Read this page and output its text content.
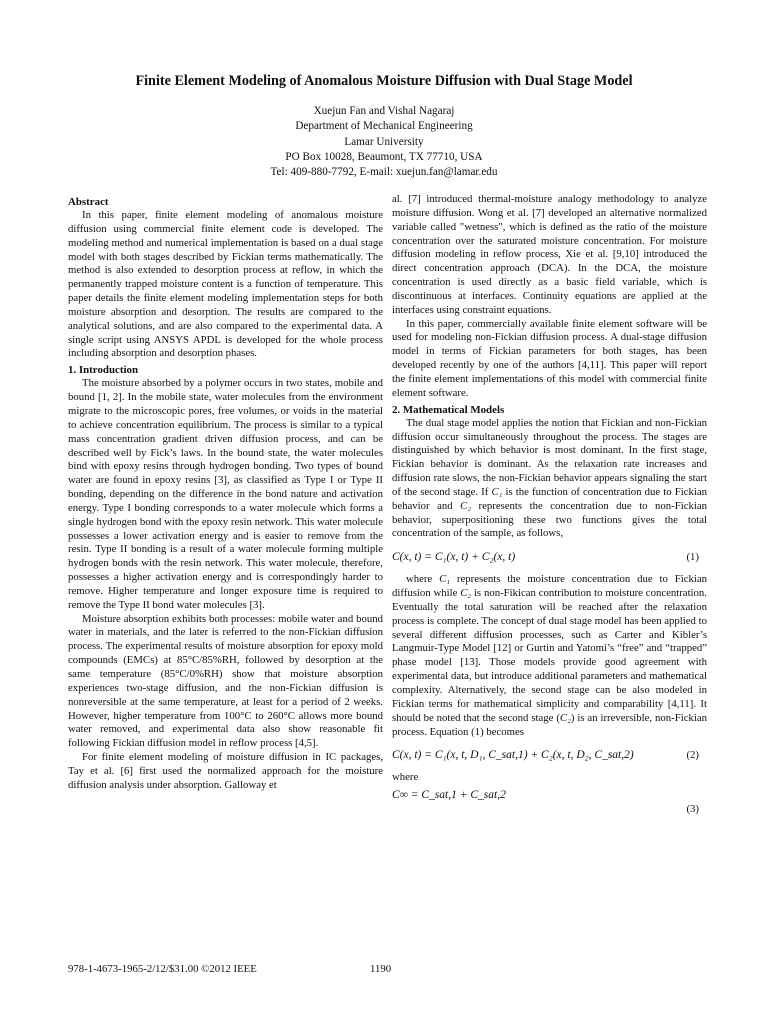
Finite Element Modeling of Anomalous Moisture Diffusion with Dual Stage Model
Xuejun Fan and Vishal Nagaraj
Department of Mechanical Engineering
Lamar University
PO Box 10028, Beaumont, TX 77710, USA
Tel: 409-880-7792, E-mail: xuejun.fan@lamar.edu
Abstract

In this paper, finite element modeling of anomalous moisture diffusion using commercial finite element code is developed. The modeling method and numerical implementation is based on a dual stage model with both stages described by Fickian terms mathematically. The method is also extended to desorption process at reflow, in which the permanently trapped moisture content is a function of temperature. This paper details the finite element modeling implementation steps for both moisture absorption and desorption. The results are compared to the analytical solutions, and are also compared to the experimental data. A single script using ANSYS APDL is developed for the whole process including absorption and desorption phases.

1. Introduction

The moisture absorbed by a polymer occurs in two states, mobile and bound [1, 2]. In the mobile state, water molecules from the environment migrate to the microscopic pores, free volumes, or voids in the material to achieve concentration equilibrium. The process is similar to a typical mass concentration gradient driven diffusion process, and can be described well by Fick’s laws. In the bound state, the water molecules bind with epoxy resins through hydrogen bonding. Two types of bound water are found in epoxy resins [3], as classified as Type I or Type II bonding, depending on the difference in the bond nature and activation energy. Type I bonding corresponds to a water molecule which forms a single hydrogen bond with the epoxy resin network. This water molecule possesses a lower activation energy and is easier to remove from the resin. Type II bonding is a result of a water molecule forming multiple hydrogen bonds with the resin network. This water molecule, therefore, possesses a higher activation energy and is correspondingly harder to remove. Higher temperature and longer exposure time is required to remove the Type II bond water molecules [3].

Moisture absorption exhibits both processes: mobile water and bound water in materials, and the later is referred to the non-Fickian diffusion process. The experimental results of moisture absorption for epoxy mold compounds (EMCs) at 85°C/85%RH, followed by desorption at the same temperature (85°C/0%RH) show that moisture absorption experiences two-stage diffusion, and the non-Fickian diffusion is nonreversible at the same temperature, at least for a period of 2 weeks. However, higher temperature from 100°C to 260°C allows more bound water removed, and experimental data also show reasonable fit following Fickian diffusion model in reflow process [4,5].

For finite element modeling of moisture diffusion in IC packages, Tay et al. [6] first used the normalized approach for the moisture diffusion analysis under absorption. Galloway et

al. [7] introduced thermal-moisture analogy methodology to analyze moisture diffusion. Wong et al. [7] developed an alternative normalized variable called "wetness", which is defined as the ratio of the moisture concentration over the saturated moisture concentration. For moisture diffusion modeling in reflow process, Xie et al. [9,10] introduced the direct concentration approach (DCA). In the DCA, the moisture concentration is used directly as a basic field variable, which is discontinuous at interfaces. Continuity equations are applied at the interfaces using constraint equations.

In this paper, commercially available finite element software will be used for modeling non-Fickian diffusion process. A dual-stage diffusion model in terms of Fickian parameters for both stages, has been developed recently by one of the authors [4,11]. This paper will report the finite element implementations of this model with commercial finite element software.

2. Mathematical Models

The dual stage model applies the notion that Fickian and non-Fickian diffusion occur simultaneously throughout the process. The stages are distinguished by which behavior is most dominant. In the first stage, Fickian behavior is dominant. As the relaxation rate increases and diffusion rate slows, the non-Fickian behavior appears signaling the start of the second stage. If C₁ is the function of concentration due to Fickian behavior and C₂ represents the concentration due to non-Fickian behavior, superpositioning these two functions gives the total concentration of the sample, as follows,

C(x, t) = C₁(x, t) + C₂(x, t)	(1)

where C₁ represents the moisture concentration due to Fickian diffusion while C₂ is non-Fikican contribution to moisture concentration. Eventually the total saturation will be reached after the relaxation process is complete. The concept of dual stage model has been applied to several different diffusion processes, such as Carter and Kibler’s Langmuir-Type Model [12] or Gurtin and Yatomi’s “free” and “trapped” phase model [13]. Those models provide good agreement with experimental data, but introduce additional parameters and mathematical complexity. Alternatively, the second stage can be also modeled in Fickian terms for mathematical simplicity and comparability [4,11]. It should be noted that the second stage (C₂) is an irreversible, non-Fickian process. Equation (1) becomes

C(x, t) = C₁(x, t, D₁, C_sat,1) + C₂(x, t, D₂, C_sat,2)	(2)

where

C∞ = C_sat,1 + C_sat,2
(3)
978-1-4673-1965-2/12/$31.00 ©2012 IEEE	1190
